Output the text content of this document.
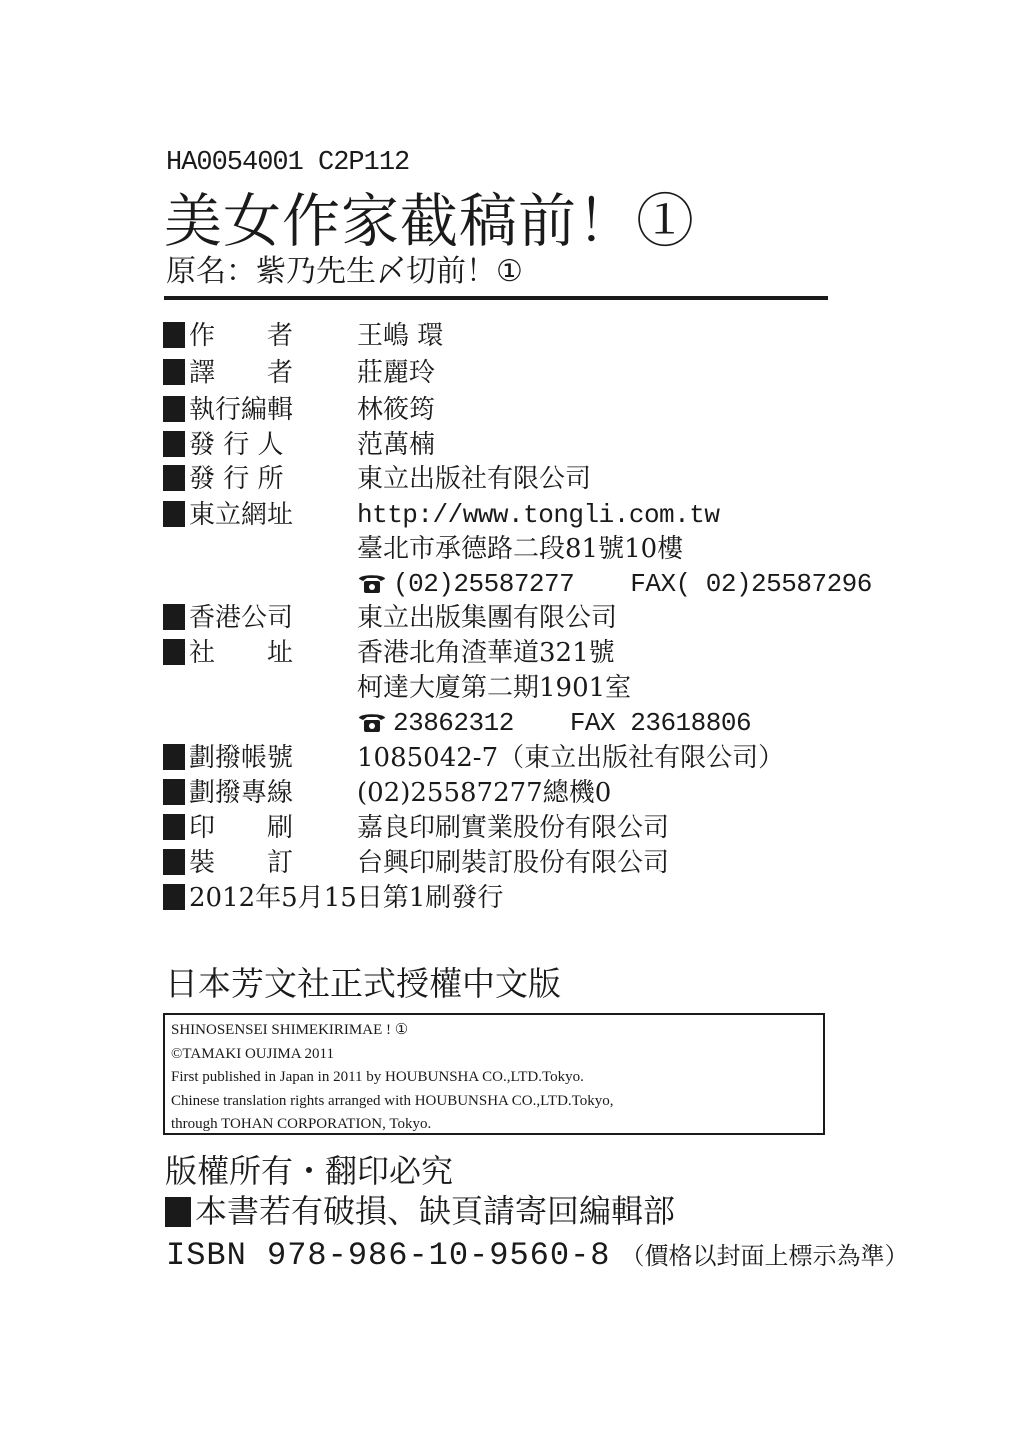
HA0054001 C2P112
美女作家截稿前！①
原名：紫乃先生〆切前！①
作　　者	王嶋 環
譯　　者	莊麗玲
執行編輯	林筱筠
發 行 人	范萬楠
發 行 所	東立出版社有限公司
東立網址	http://www.tongli.com.tw
臺北市承德路二段81號10樓
(02)25587277 FAX( 02)25587296
香港公司	東立出版集團有限公司
社　　址	香港北角渣華道321號
柯達大廈第二期1901室
23862312 FAX 23618806
劃撥帳號	1085042-7（東立出版社有限公司）
劃撥專線	(02)25587277總機0
印　　刷	嘉良印刷實業股份有限公司
裝　　訂	台興印刷裝訂股份有限公司
2012年5月15日第1刷發行
日本芳文社正式授權中文版
SHINOSENSEI SHIMEKIRIMAE ! ①
©TAMAKI OUJIMA 2011
First published in Japan in 2011 by HOUBUNSHA CO.,LTD.Tokyo.
Chinese translation rights arranged with HOUBUNSHA CO.,LTD.Tokyo,
through TOHAN CORPORATION, Tokyo.
版權所有・翻印必究
本書若有破損、缺頁請寄回編輯部
ISBN 978-986-10-9560-8 （價格以封面上標示為準）
